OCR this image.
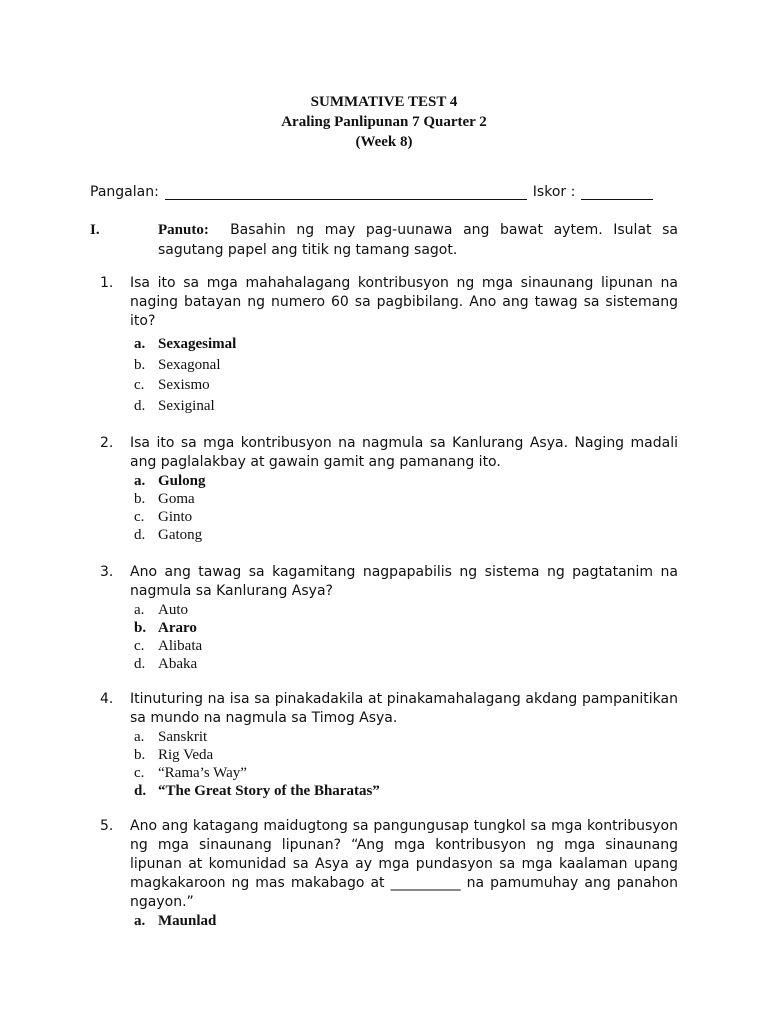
SUMMATIVE TEST 4
Araling Panlipunan 7 Quarter 2
(Week 8)
Pangalan:	Iskor :
I.	Panuto: Basahin ng may pag-uunawa ang bawat aytem. Isulat sa sagutang papel ang titik ng tamang sagot.
1. Isa ito sa mga mahahalagang kontribusyon ng mga sinaunang lipunan na naging batayan ng numero 60 sa pagbibilang. Ano ang tawag sa sistemang ito?
a. Sexagesimal
b. Sexagonal
c. Sexismo
d. Sexiginal
2. Isa ito sa mga kontribusyon na nagmula sa Kanlurang Asya. Naging madali ang paglalakbay at gawain gamit ang pamanang ito.
a. Gulong
b. Goma
c. Ginto
d. Gatong
3. Ano ang tawag sa kagamitang nagpapabilis ng sistema ng pagtatanim na nagmula sa Kanlurang Asya?
a. Auto
b. Araro
c. Alibata
d. Abaka
4. Itinuturing na isa sa pinakadakila at pinakamahalagang akdang pampanitikan sa mundo na nagmula sa Timog Asya.
a. Sanskrit
b. Rig Veda
c. “Rama’s Way”
d. “The Great Story of the Bharatas”
5. Ano ang katagang maidugtong sa pangungusap tungkol sa mga kontribusyon ng mga sinaunang lipunan? “Ang mga kontribusyon ng mga sinaunang lipunan at komunidad sa Asya ay mga pundasyon sa mga kaalaman upang magkakaroon ng mas makabago at __________ na pamumuhay ang panahon ngayon.”
a. Maunlad
